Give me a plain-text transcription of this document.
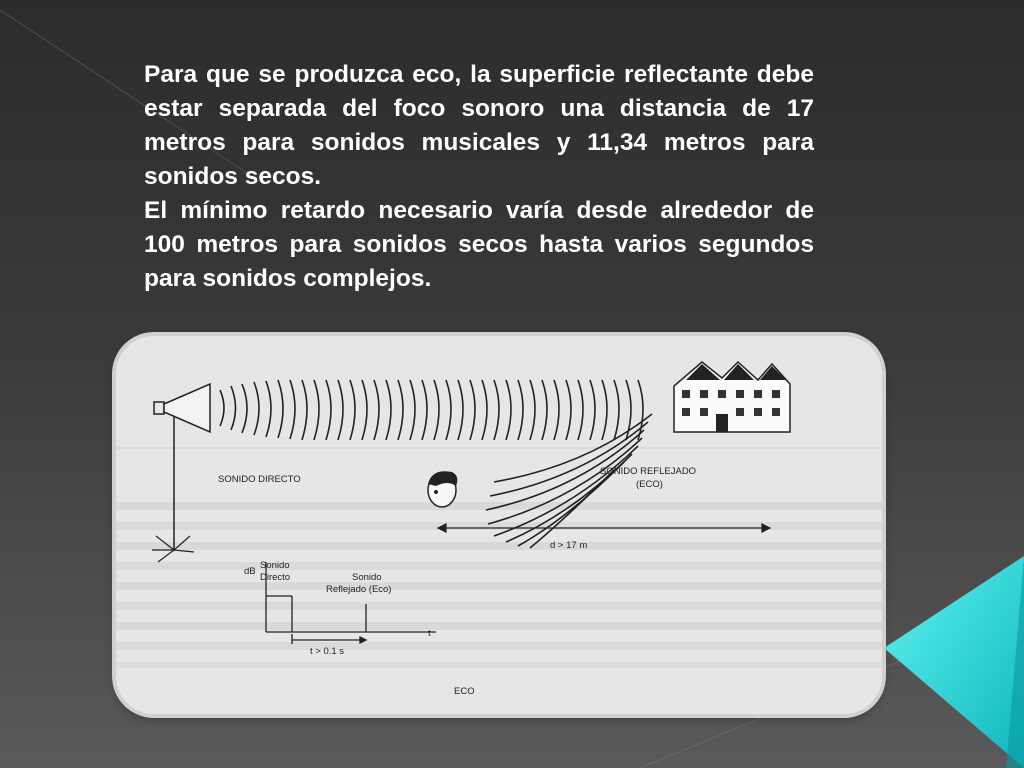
Para que se produzca eco, la superficie reflectante debe estar separada del foco sonoro una distancia de 17 metros para sonidos musicales y 11,34 metros para sonidos secos.

El mínimo retardo necesario varía desde alrededor de 100 metros para sonidos secos hasta varios segundos para sonidos complejos.

SONIDO DIRECTO
SONIDO REFLEJADO
(ECO)
d > 17 m
dB
t
Sonido
Directo	Sonido
Reflejado (Eco)
t > 0.1 s
ECO
